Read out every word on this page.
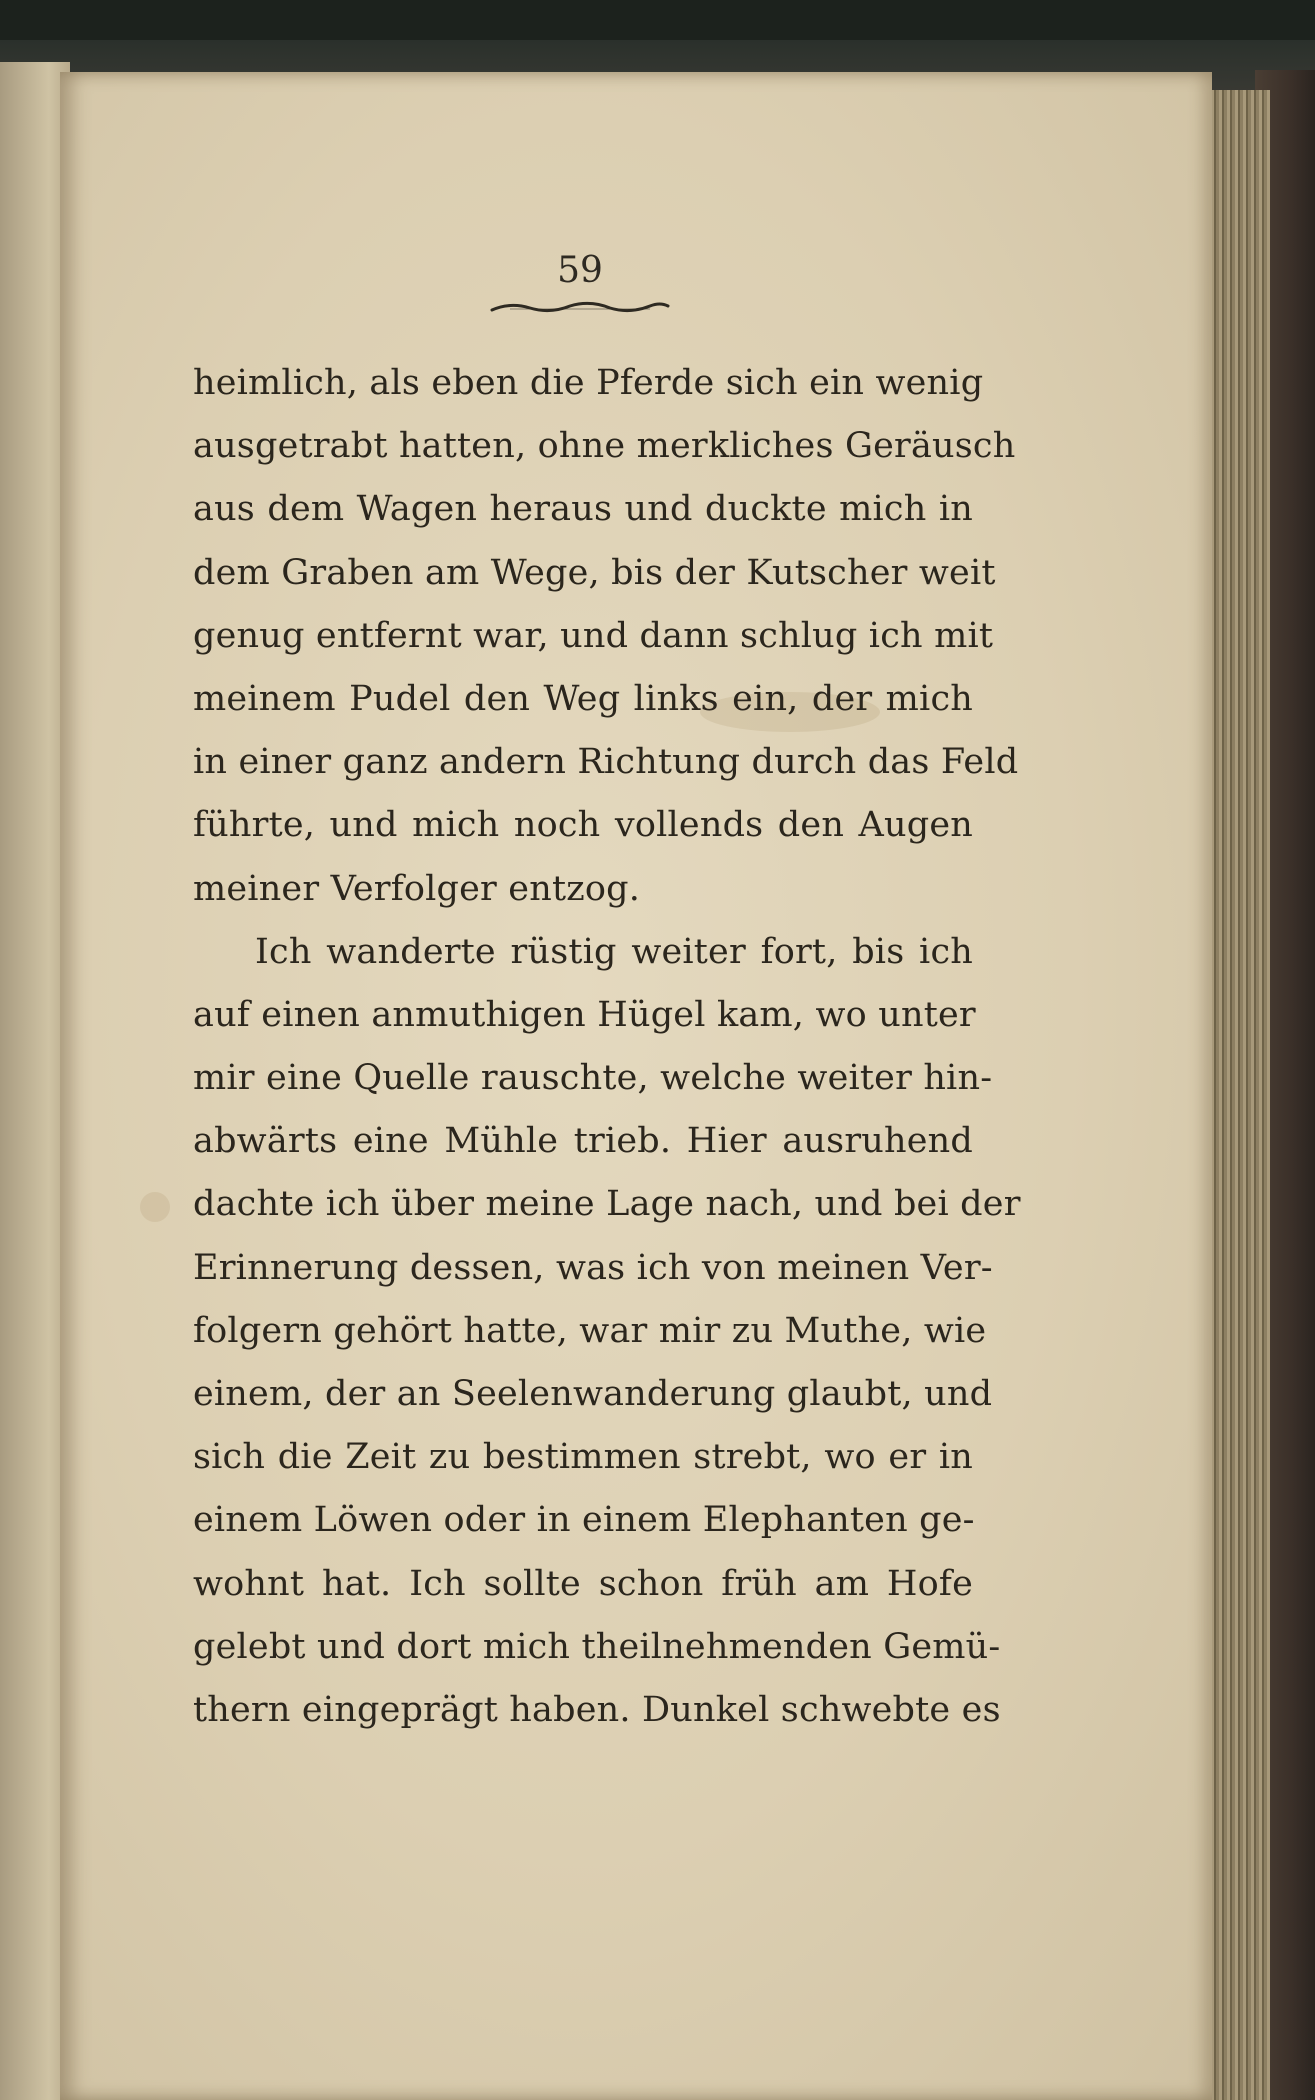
59
heimlich, als eben die Pferde sich ein wenig
ausgetrabt hatten, ohne merkliches Geräusch
aus dem Wagen heraus und duckte mich in
dem Graben am Wege, bis der Kutscher weit
genug entfernt war, und dann schlug ich mit
meinem Pudel den Weg links ein, der mich
in einer ganz andern Richtung durch das Feld
führte, und mich noch vollends den Augen
meiner Verfolger entzog.
Ich wanderte rüstig weiter fort, bis ich
auf einen anmuthigen Hügel kam, wo unter
mir eine Quelle rauschte, welche weiter hin-
abwärts eine Mühle trieb. Hier ausruhend
dachte ich über meine Lage nach, und bei der
Erinnerung dessen, was ich von meinen Ver-
folgern gehört hatte, war mir zu Muthe, wie
einem, der an Seelenwanderung glaubt, und
sich die Zeit zu bestimmen strebt, wo er in
einem Löwen oder in einem Elephanten ge-
wohnt hat. Ich sollte schon früh am Hofe
gelebt und dort mich theilnehmenden Gemü-
thern eingeprägt haben. Dunkel schwebte es
